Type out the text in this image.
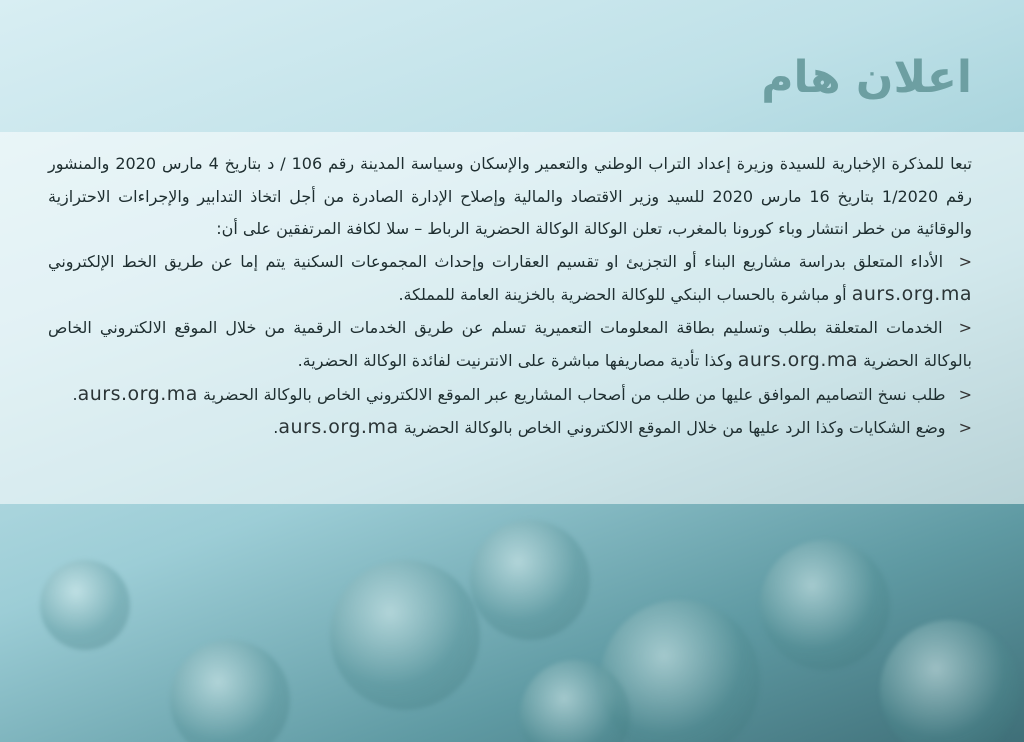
اعلان هام

تبعا للمذكرة الإخبارية للسيدة وزيرة إعداد التراب الوطني والتعمير والإسكان وسياسة المدينة رقم 106 / د بتاريخ 4 مارس 2020 والمنشور رقم 1/2020 بتاريخ 16 مارس 2020 للسيد وزير الاقتصاد والمالية وإصلاح الإدارة الصادرة من أجل اتخاذ التدابير والإجراءات الاحترازية والوقائية من خطر انتشار وباء كورونا بالمغرب، تعلن الوكالة الوكالة الحضرية الرباط – سلا لكافة المرتفقين على أن:

< الأداء المتعلق بدراسة مشاريع البناء أو التجزيئ او تقسيم العقارات وإحداث المجموعات السكنية يتم إما عن طريق الخط الإلكتروني aurs.org.ma أو مباشرة بالحساب البنكي للوكالة الحضرية بالخزينة العامة للمملكة.

< الخدمات المتعلقة بطلب وتسليم بطاقة المعلومات التعميرية تسلم عن طريق الخدمات الرقمية من خلال الموقع الالكتروني الخاص بالوكالة الحضرية aurs.org.ma وكذا تأدية مصاريفها مباشرة على الانترنيت لفائدة الوكالة الحضرية.

< طلب نسخ التصاميم الموافق عليها من طلب من أصحاب المشاريع عبر الموقع الالكتروني الخاص بالوكالة الحضرية aurs.org.ma.

< وضع الشكايات وكذا الرد عليها من خلال الموقع الالكتروني الخاص بالوكالة الحضرية aurs.org.ma.
